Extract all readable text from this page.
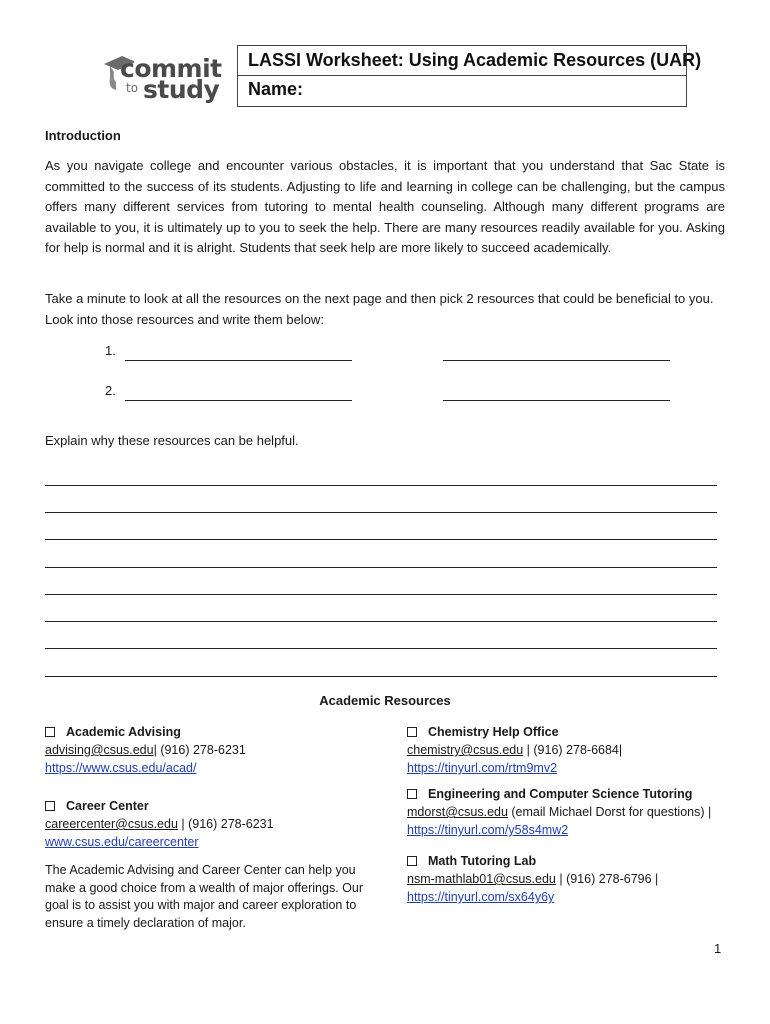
commit
to study
LASSI Worksheet: Using Academic Resources (UAR)
Name:
Introduction
As you navigate college and encounter various obstacles, it is important that you understand that Sac State is committed to the success of its students. Adjusting to life and learning in college can be challenging, but the campus offers many different services from tutoring to mental health counseling. Although many different programs are available to you, it is ultimately up to you to seek the help. There are many resources readily available for you. Asking for help is normal and it is alright. Students that seek help are more likely to succeed academically.
Take a minute to look at all the resources on the next page and then pick 2 resources that could be beneficial to you. Look into those resources and write them below:
1.
2.
Explain why these resources can be helpful.
Academic Resources
Academic Advising
advising@csus.edu| (916) 278-6231
https://www.csus.edu/acad/
Career Center
careercenter@csus.edu | (916) 278-6231
www.csus.edu/careercenter
The Academic Advising and Career Center can help you make a good choice from a wealth of major offerings. Our goal is to assist you with major and career exploration to ensure a timely declaration of major.
Chemistry Help Office
chemistry@csus.edu | (916) 278-6684|
https://tinyurl.com/rtm9mv2
Engineering and Computer Science Tutoring
mdorst@csus.edu (email Michael Dorst for questions) |
https://tinyurl.com/y58s4mw2
Math Tutoring Lab
nsm-mathlab01@csus.edu | (916) 278-6796 |
https://tinyurl.com/sx64y6y
1
